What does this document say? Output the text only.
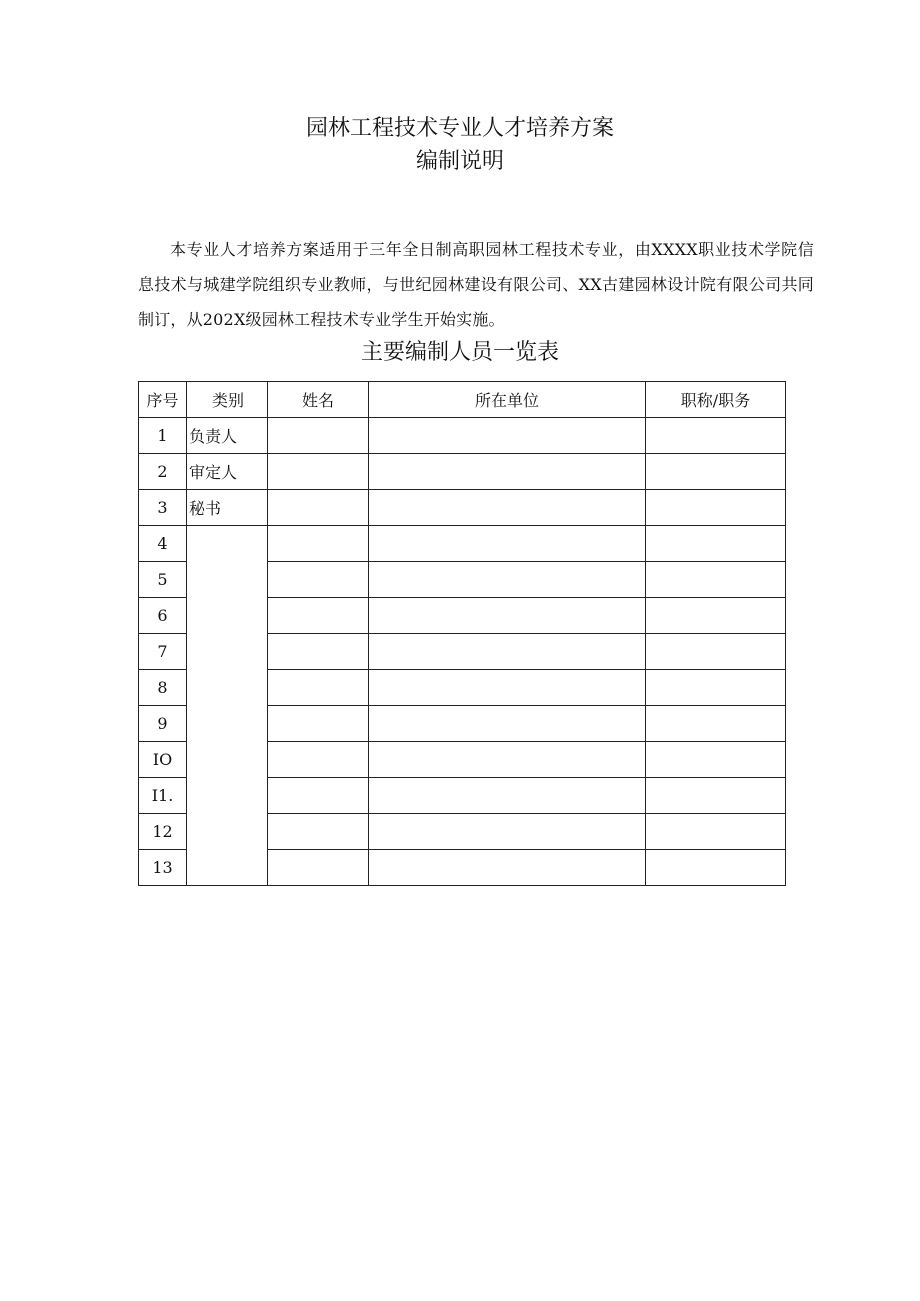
园林工程技术专业人才培养方案
编制说明

本专业人才培养方案适用于三年全日制高职园林工程技术专业，由XXXX职业技术学院信息技术与城建学院组织专业教师，与世纪园林建设有限公司、XX古建园林设计院有限公司共同制订，从202X级园林工程技术专业学生开始实施。

主要编制人员一览表
序号	类别	姓名	所在单位	职称/职务
1	负责人			
2	审定人			
3	秘书			
4				
5				
6				
7				
8				
9				
IO				
I1.				
12				
13				
